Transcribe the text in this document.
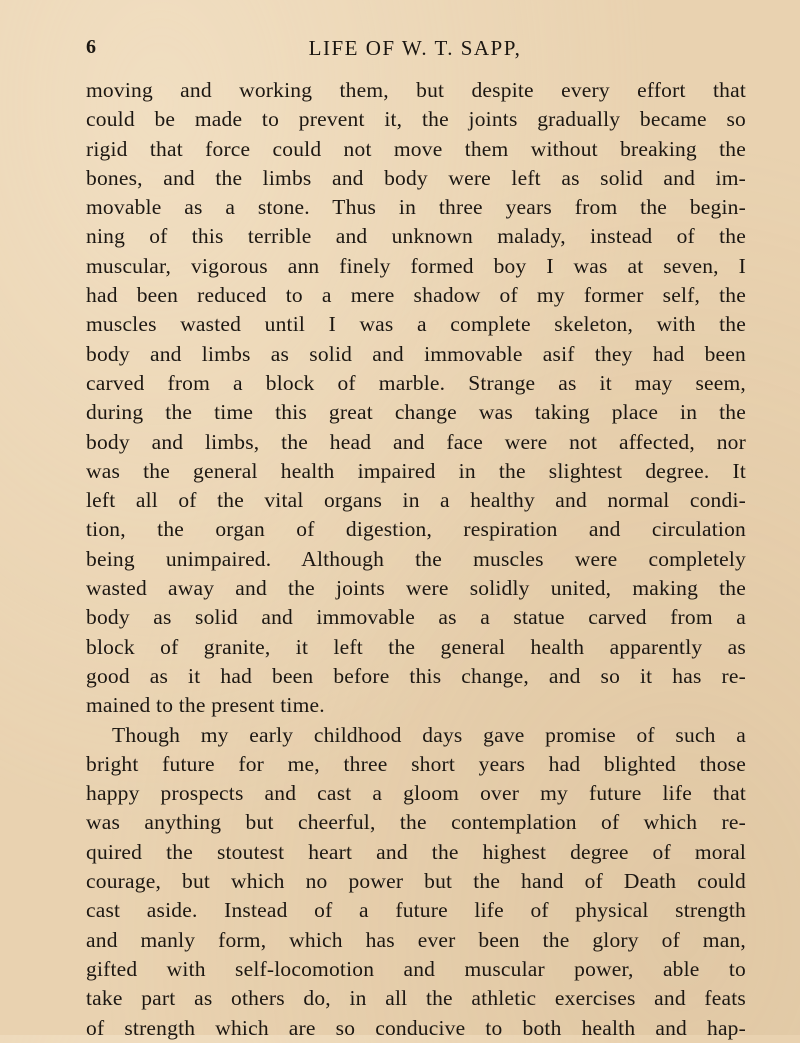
6	LIFE OF W. T. SAPP,
moving and working them, but despite every effort that
could be made to prevent it, the joints gradually became so
rigid that force could not move them without breaking the
bones, and the limbs and body were left as solid and im-
movable as a stone. Thus in three years from the begin-
ning of this terrible and unknown malady, instead of the
muscular, vigorous ann finely formed boy I was at seven, I
had been reduced to a mere shadow of my former self, the
muscles wasted until I was a complete skeleton, with the
body and limbs as solid and immovable asif they had been
carved from a block of marble. Strange as it may seem,
during the time this great change was taking place in the
body and limbs, the head and face were not affected, nor
was the general health impaired in the slightest degree. It
left all of the vital organs in a healthy and normal condi-
tion, the organ of digestion, respiration and circulation
being unimpaired. Although the muscles were completely
wasted away and the joints were solidly united, making the
body as solid and immovable as a statue carved from a
block of granite, it left the general health apparently as
good as it had been before this change, and so it has re-
mained to the present time.
Though my early childhood days gave promise of such a
bright future for me, three short years had blighted those
happy prospects and cast a gloom over my future life that
was anything but cheerful, the contemplation of which re-
quired the stoutest heart and the highest degree of moral
courage, but which no power but the hand of Death could
cast aside. Instead of a future life of physical strength
and manly form, which has ever been the glory of man,
gifted with self-locomotion and muscular power, able to
take part as others do, in all the athletic exercises and feats
of strength which are so conducive to both health and hap-
